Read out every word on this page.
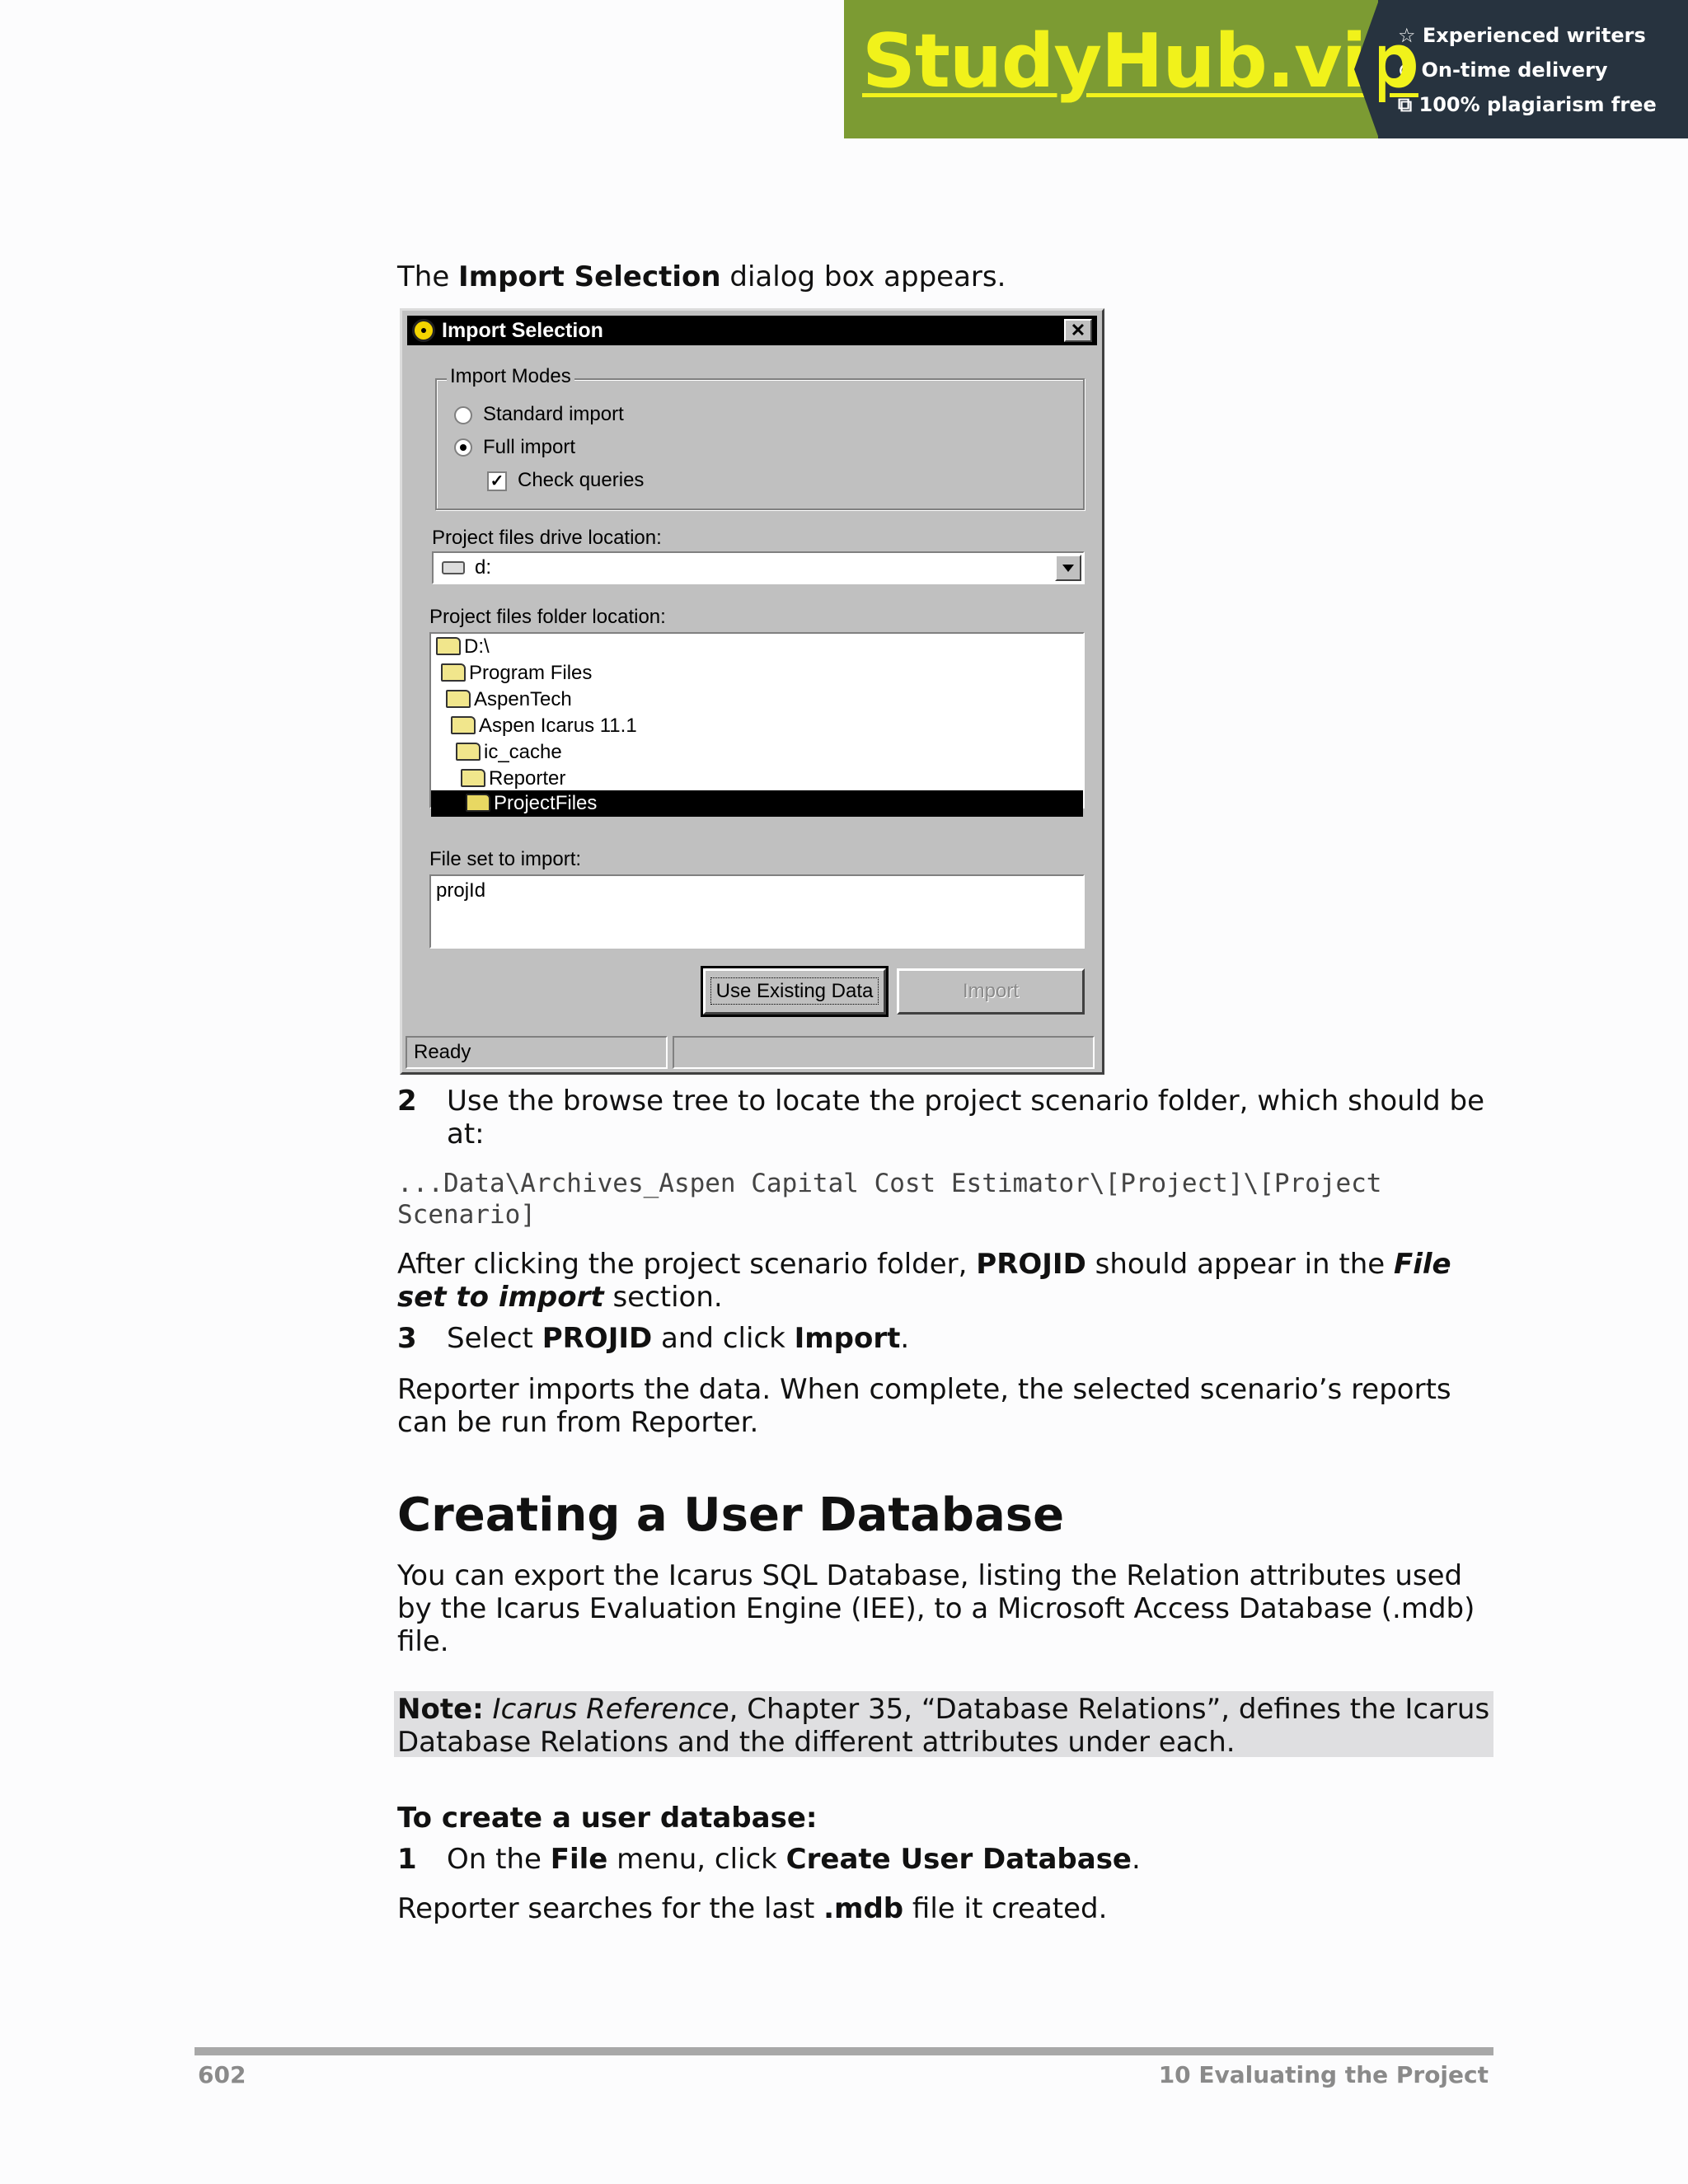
StudyHub.vip
☆ Experienced writers
⊙ On-time delivery
⧉ 100% plagiarism free
The Import Selection dialog box appears.
Import Selection	✕
Import Modes
Standard import
Full import
✓ Check queries
Project files drive location:
d:
Project files folder location:
D:\
Program Files
AspenTech
Aspen Icarus 11.1
ic_cache
Reporter
ProjectFiles
File set to import:
projId
Use Existing Data	Import
Ready
2 Use the browse tree to locate the project scenario folder, which should be
at:
...Data\Archives_Aspen Capital Cost Estimator\[Project]\[Project
Scenario]
After clicking the project scenario folder, PROJID should appear in the File
set to import section.
3 Select PROJID and click Import.
Reporter imports the data. When complete, the selected scenario’s reports
can be run from Reporter.
Creating a User Database
You can export the Icarus SQL Database, listing the Relation attributes used
by the Icarus Evaluation Engine (IEE), to a Microsoft Access Database (.mdb)
file.
Note: Icarus Reference, Chapter 35, “Database Relations”, defines the Icarus
Database Relations and the different attributes under each.
To create a user database:
1 On the File menu, click Create User Database.
Reporter searches for the last .mdb file it created.
602	10 Evaluating the Project
